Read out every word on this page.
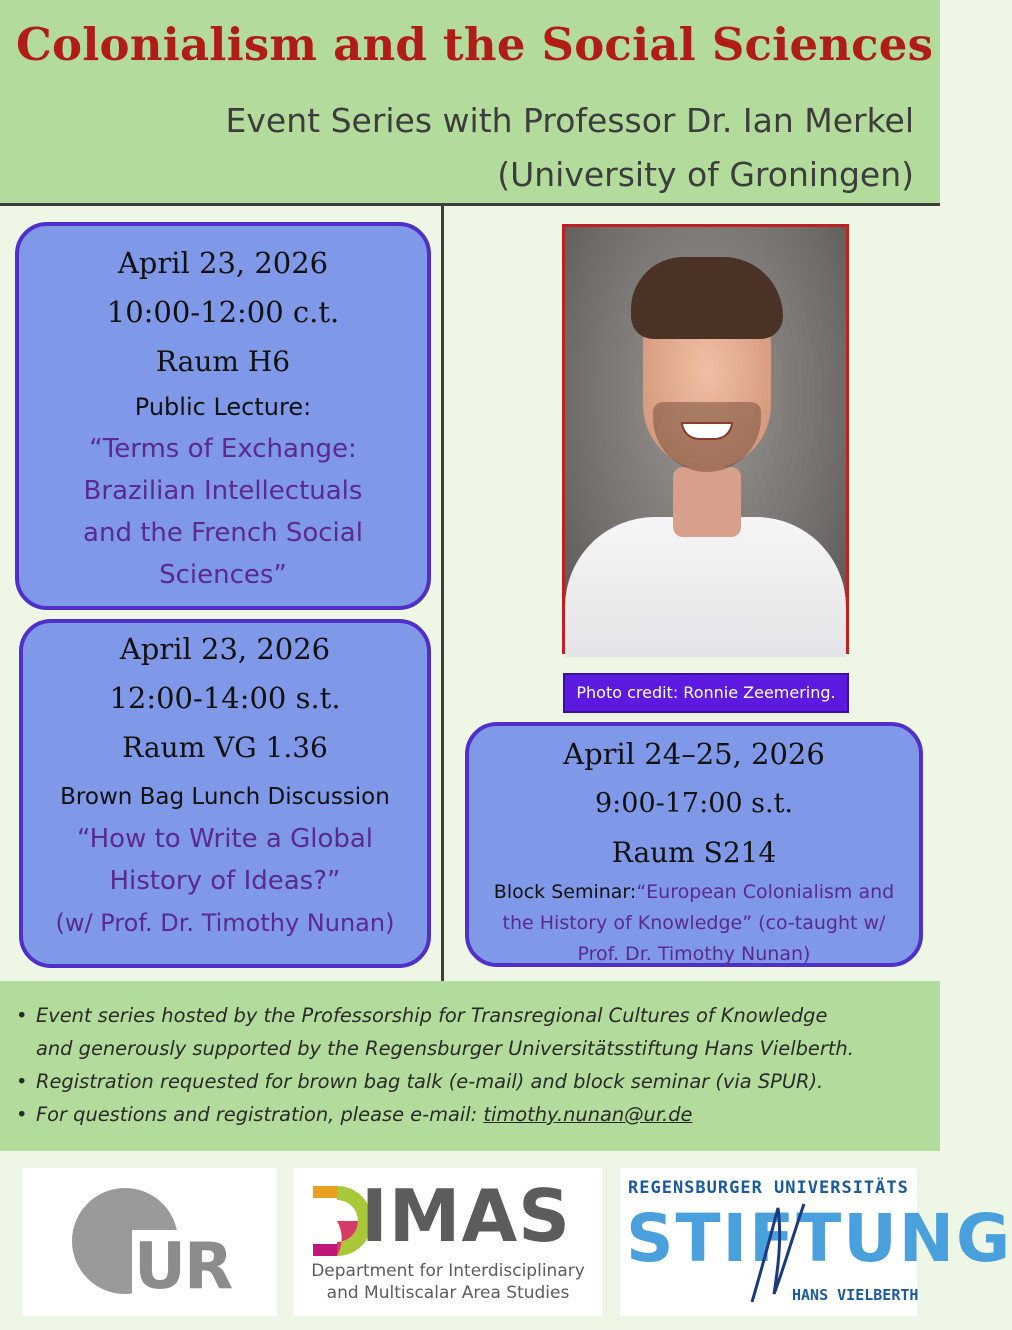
Colonialism and the Social Sciences
Event Series with Professor Dr. Ian Merkel
(University of Groningen)
April 23, 2026
10:00-12:00 c.t.
Raum H6
Public Lecture:
“Terms of Exchange:
Brazilian Intellectuals
and the French Social
Sciences”
April 23, 2026
12:00-14:00 s.t.
Raum VG 1.36
Brown Bag Lunch Discussion
“How to Write a Global
History of Ideas?”
(w/ Prof. Dr. Timothy Nunan)
Photo credit: Ronnie Zeemering.
April 24–25, 2026
9:00-17:00 s.t.
Raum S214
Block Seminar:“European Colonialism and
the History of Knowledge” (co-taught w/
Prof. Dr. Timothy Nunan)
• Event series hosted by the Professorship for Transregional Cultures of Knowledge
and generously supported by the Regensburger Universitätsstiftung Hans Vielberth.
• Registration requested for brown bag talk (e-mail) and block seminar (via SPUR).
• For questions and registration, please e-mail: timothy.nunan@ur.de
UR
IMAS
Department for Interdisciplinary
and Multiscalar Area Studies
REGENSBURGER UNIVERSITÄTS
STIFTUNG
HANS VIELBERTH
